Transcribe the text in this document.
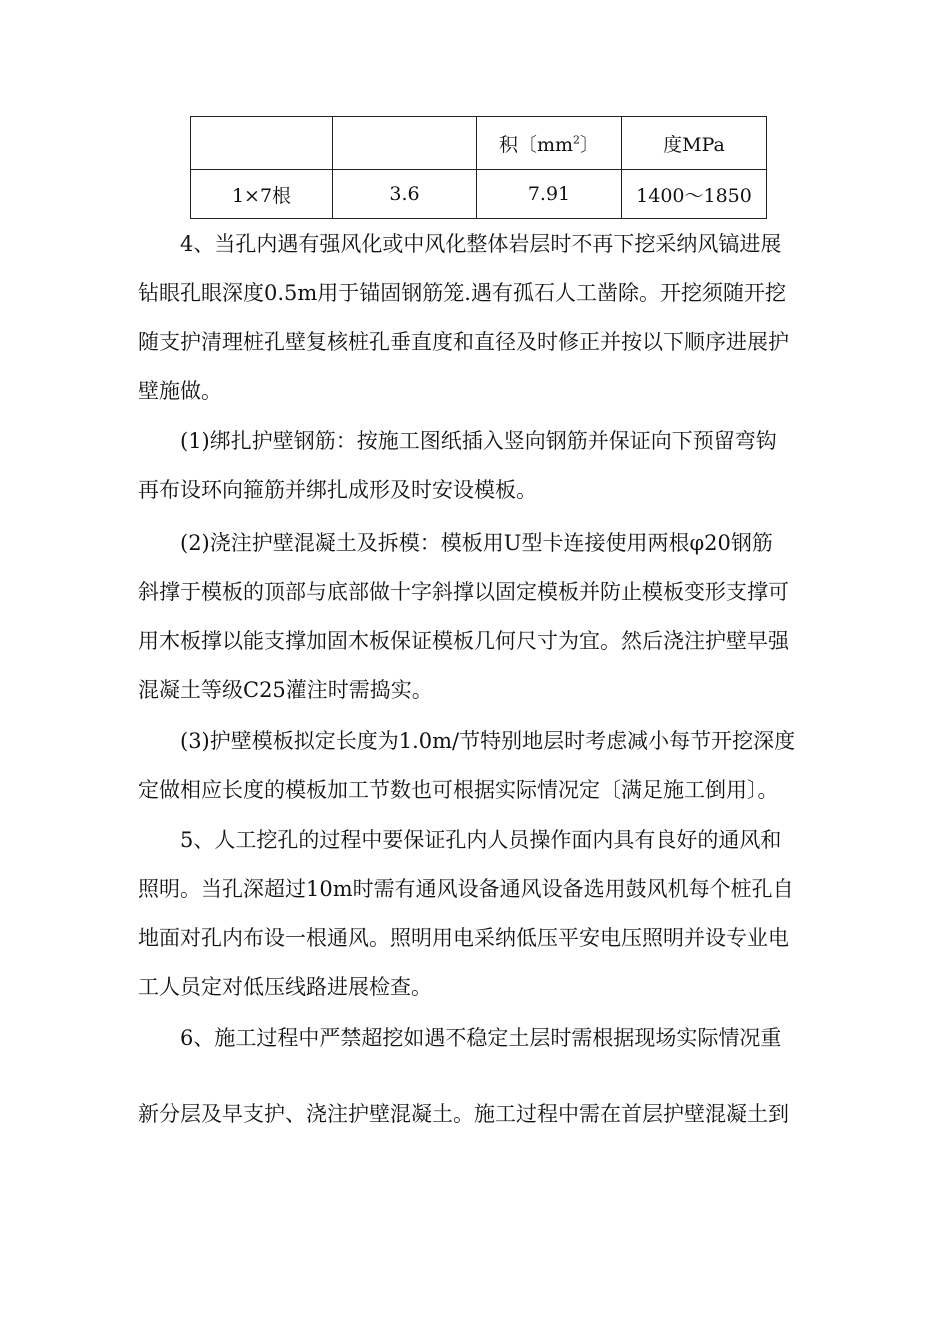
		积〔$mm^2$〕	度MPa
1×7根	3.6	7.91	1400～1850
4、当孔内遇有强风化或中风化整体岩层时不再下挖采纳风镐进展
钻眼孔眼深度0.5m用于锚固钢筋笼.遇有孤石人工凿除。开挖须随开挖
随支护清理桩孔壁复核桩孔垂直度和直径及时修正并按以下顺序进展护
壁施做。
(1)绑扎护壁钢筋：按施工图纸插入竖向钢筋并保证向下预留弯钩
再布设环向箍筋并绑扎成形及时安设模板。
(2)浇注护壁混凝土及拆模：模板用U型卡连接使用两根φ20钢筋
斜撑于模板的顶部与底部做十字斜撑以固定模板并防止模板变形支撑可
用木板撑以能支撑加固木板保证模板几何尺寸为宜。然后浇注护壁早强
混凝土等级C25灌注时需捣实。
(3)护壁模板拟定长度为1.0m/节特别地层时考虑减小每节开挖深度
定做相应长度的模板加工节数也可根据实际情况定〔满足施工倒用〕。
5、人工挖孔的过程中要保证孔内人员操作面内具有良好的通风和
照明。当孔深超过10m时需有通风设备通风设备选用鼓风机每个桩孔自
地面对孔内布设一根通风。照明用电采纳低压平安电压照明并设专业电
工人员定对低压线路进展检查。
6、施工过程中严禁超挖如遇不稳定土层时需根据现场实际情况重
新分层及早支护、浇注护壁混凝土。施工过程中需在首层护壁混凝土到
